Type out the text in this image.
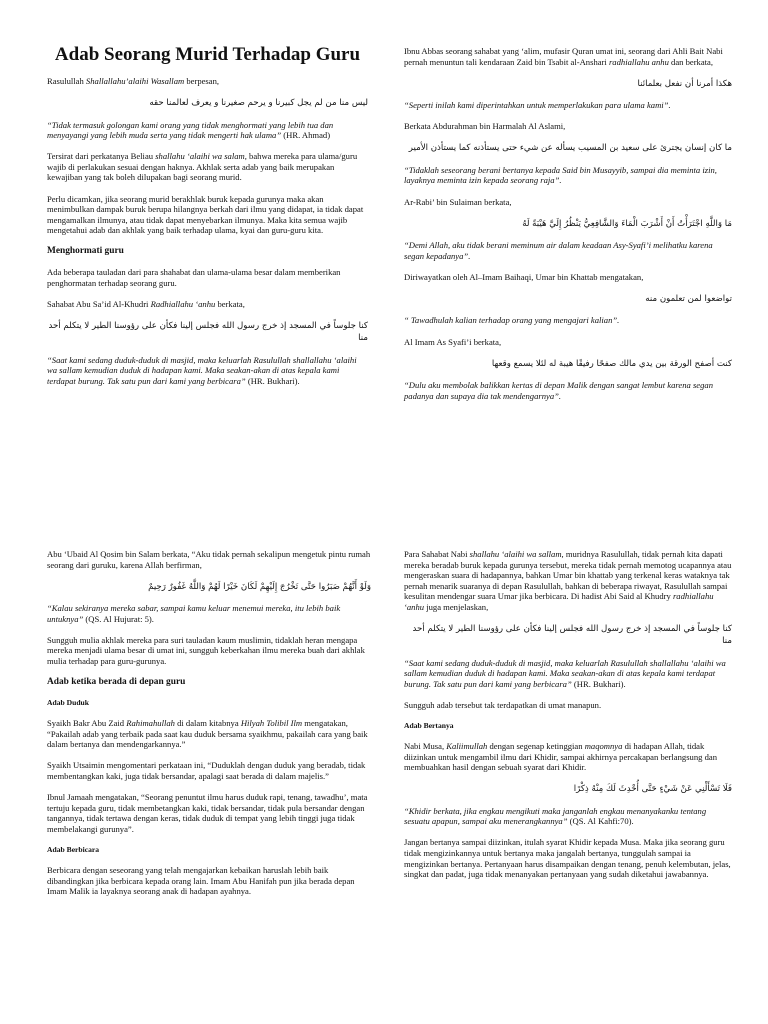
Adab Seorang Murid Terhadap Guru

Rasulullah Shallallahu’alaihi Wasallam berpesan,

ليس منا من لم يجل كبيرنا و يرحم صغيرنا و يعرف لعالمنا حقه

“Tidak termasuk golongan kami orang yang tidak menghormati yang lebih tua dan menyayangi yang lebih muda serta yang tidak mengerti hak ulama” (HR. Ahmad)

Tersirat dari perkatanya Beliau shallahu ‘alaihi wa salam, bahwa mereka para ulama/guru wajib di perlakukan sesuai dengan haknya. Akhlak serta adab yang baik merupakan kewajiban yang tak boleh dilupakan bagi seorang murid.

Perlu dicamkan, jika seorang murid berakhlak buruk kepada gurunya maka akan menimbulkan dampak buruk berupa hilangnya berkah dari ilmu yang didapat, ia tidak dapat mengamalkan ilmunya, atau tidak dapat menyebarkan ilmunya. Maka kita semua wajib mengetahui adab dan akhlak yang baik terhadap ulama, kyai dan guru-guru kita.

Menghormati guru

Ada beberapa tauladan dari para shahabat dan ulama-ulama besar dalam memberikan penghormatan terhadap seorang guru.

Sahabat Abu Sa’id Al-Khudri Radhiallahu ‘anhu berkata,

كنا جلوساً في المسجد إذ خرج رسول الله فجلس إلينا فكأن على رؤوسنا الطير لا يتكلم أحد منا

“Saat kami sedang duduk-duduk di masjid, maka keluarlah Rasulullah shallallahu ‘alaihi wa sallam kemudian duduk di hadapan kami. Maka seakan-akan di atas kepala kami terdapat burung. Tak satu pun dari kami yang berbicara” (HR. Bukhari).

Ibnu Abbas seorang sahabat yang ‘alim, mufasir Quran umat ini, seorang dari Ahli Bait Nabi pernah menuntun tali kendaraan Zaid bin Tsabit al-Anshari radhiallahu anhu dan berkata,

هكذا أمرنا أن نفعل بعلمائنا

“Seperti inilah kami diperintahkan untuk memperlakukan para ulama kami”.

Berkata Abdurahman bin Harmalah Al Aslami,

ما كان إنسان يجترئ على سعيد بن المسيب يسأله عن شيء حتى يستأذنه كما يستأذن الأمير

“Tidaklah seseorang berani bertanya kepada Said bin Musayyib, sampai dia meminta izin, layaknya meminta izin kepada seorang raja”.

Ar-Rabi’ bin Sulaiman berkata,

مَا وَاللَّهِ اجْتَرَأْتُ أَنْ أَشْرَبَ الْمَاءَ وَالشَّافِعِيُّ يَنْظُرُ إِلَيَّ هَيْبَةً لَهُ

“Demi Allah, aku tidak berani meminum air dalam keadaan Asy-Syafi’i melihatku karena segan kepadanya”.

Diriwayatkan oleh Al–Imam Baihaqi, Umar bin Khattab mengatakan,

تواضعوا لمن تعلمون منه

“ Tawadhulah kalian terhadap orang yang mengajari kalian”.

Al Imam As Syafi’i berkata,

كنت أصفح الورقة بين يدي مالك صفحًا رفيقًا هيبة له لئلا يسمع وقعها

“Dulu aku membolak balikkan kertas di depan Malik dengan sangat lembut karena segan padanya dan supaya dia tak mendengarnya”.

Abu ‘Ubaid Al Qosim bin Salam berkata, “Aku tidak pernah sekalipun mengetuk pintu rumah seorang dari guruku, karena Allah berfirman,

وَلَوْ أَنَّهُمْ صَبَرُوا حَتَّى تَخْرُجَ إِلَيْهِمْ لَكَانَ خَيْرًا لَهُمْ وَاللَّهُ غَفُورٌ رَحِيمٌ

“Kalau sekiranya mereka sabar, sampai kamu keluar menemui mereka, itu lebih baik untuknya” (QS. Al Hujurat: 5).

Sungguh mulia akhlak mereka para suri tauladan kaum muslimin, tidaklah heran mengapa mereka menjadi ulama besar di umat ini, sungguh keberkahan ilmu mereka buah dari akhlak mulia terhadap para guru-gurunya.

Adab ketika berada di depan guru
Adab Duduk

Syaikh Bakr Abu Zaid Rahimahullah di dalam kitabnya Hilyah Tolibil Ilm mengatakan, “Pakailah adab yang terbaik pada saat kau duduk bersama syaikhmu, pakailah cara yang baik dalam bertanya dan mendengarkannya.”

Syaikh Utsaimin mengomentari perkataan ini, “Duduklah dengan duduk yang beradab, tidak membentangkan kaki, juga tidak bersandar, apalagi saat berada di dalam majelis.”

Ibnul Jamaah mengatakan, “Seorang penuntut ilmu harus duduk rapi, tenang, tawadhu’, mata tertuju kepada guru, tidak membetangkan kaki, tidak bersandar, tidak pula bersandar dengan tangannya, tidak tertawa dengan keras, tidak duduk di tempat yang lebih tinggi juga tidak membelakangi gurunya”.

Adab Berbicara

Berbicara dengan seseorang yang telah mengajarkan kebaikan haruslah lebih baik dibandingkan jika berbicara kepada orang lain. Imam Abu Hanifah pun jika berada depan Imam Malik ia layaknya seorang anak di hadapan ayahnya.

Para Sahabat Nabi shallahu ‘alaihi wa sallam, muridnya Rasulullah, tidak pernah kita dapati mereka beradab buruk kepada gurunya tersebut, mereka tidak pernah memotog ucapannya atau mengeraskan suara di hadapannya, bahkan Umar bin khattab yang terkenal keras wataknya tak pernah menarik suaranya di depan Rasulullah, bahkan di beberapa riwayat, Rasulullah sampai kesulitan mendengar suara Umar jika berbicara. Di hadist Abi Said al Khudry radhiallahu ‘anhu juga menjelaskan,

كنا جلوساً في المسجد إذ خرج رسول الله فجلس إلينا فكأن على رؤوسنا الطير لا يتكلم أحد منا

“Saat kami sedang duduk-duduk di masjid, maka keluarlah Rasulullah shallallahu ‘alaihi wa sallam kemudian duduk di hadapan kami. Maka seakan-akan di atas kepala kami terdapat burung. Tak satu pun dari kami yang berbicara” (HR. Bukhari).

Sungguh adab tersebut tak terdapatkan di umat manapun.

Adab Bertanya

Nabi Musa, Kaliimullah dengan segenap ketinggian maqomnya di hadapan Allah, tidak diizinkan untuk mengambil ilmu dari Khidir, sampai akhirnya percakapan berlangsung dan membuahkan hasil dengan sebuah syarat dari Khidir.

فَلَا تَسْأَلْنِي عَنْ شَيْءٍ حَتَّى أُحْدِثَ لَكَ مِنْهُ ذِكْرًا

“Khidir berkata, jika engkau mengikuti maka janganlah engkau menanyakanku tentang sesuatu apapun, sampai aku menerangkannya” (QS. Al Kahfi:70).

Jangan bertanya sampai diizinkan, itulah syarat Khidir kepada Musa. Maka jika seorang guru tidak mengizinkannya untuk bertanya maka jangalah bertanya, tunggulah sampai ia mengizinkan bertanya. Pertanyaan harus disampaikan dengan tenang, penuh kelembutan, jelas, singkat dan padat, juga tidak menanyakan pertanyaan yang sudah diketahui jawabannya.
